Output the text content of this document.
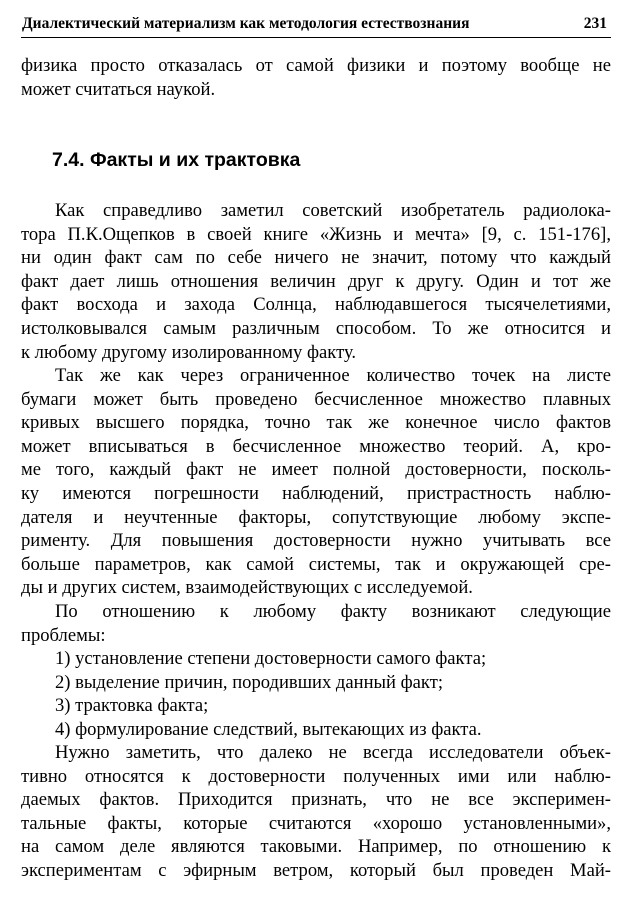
Диалектический материализм как методология естествознания	231
физика просто отказалась от самой физики и поэтому вообще не
может считаться наукой.
7.4. Факты и их трактовка
Как справедливо заметил советский изобретатель радиолока-
тора П.К.Ощепков в своей книге «Жизнь и мечта» [9, с. 151-176],
ни один факт сам по себе ничего не значит, потому что каждый
факт дает лишь отношения величин друг к другу. Один и тот же
факт восхода и захода Солнца, наблюдавшегося тысячелетиями,
истолковывался самым различным способом. То же относится и
к любому другому изолированному факту.
Так же как через ограниченное количество точек на листе
бумаги может быть проведено бесчисленное множество плавных
кривых высшего порядка, точно так же конечное число фактов
может вписываться в бесчисленное множество теорий. А, кро-
ме того, каждый факт не имеет полной достоверности, посколь-
ку имеются погрешности наблюдений, пристрастность наблю-
дателя и неучтенные факторы, сопутствующие любому экспе-
рименту. Для повышения достоверности нужно учитывать все
больше параметров, как самой системы, так и окружающей сре-
ды и других систем, взаимодействующих с исследуемой.
По отношению к любому факту возникают следующие
проблемы:
1) установление степени достоверности самого факта;
2) выделение причин, породивших данный факт;
3) трактовка факта;
4) формулирование следствий, вытекающих из факта.
Нужно заметить, что далеко не всегда исследователи объек-
тивно относятся к достоверности полученных ими или наблю-
даемых фактов. Приходится признать, что не все эксперимен-
тальные факты, которые считаются «хорошо установленными»,
на самом деле являются таковыми. Например, по отношению к
экспериментам с эфирным ветром, который был проведен Май-
